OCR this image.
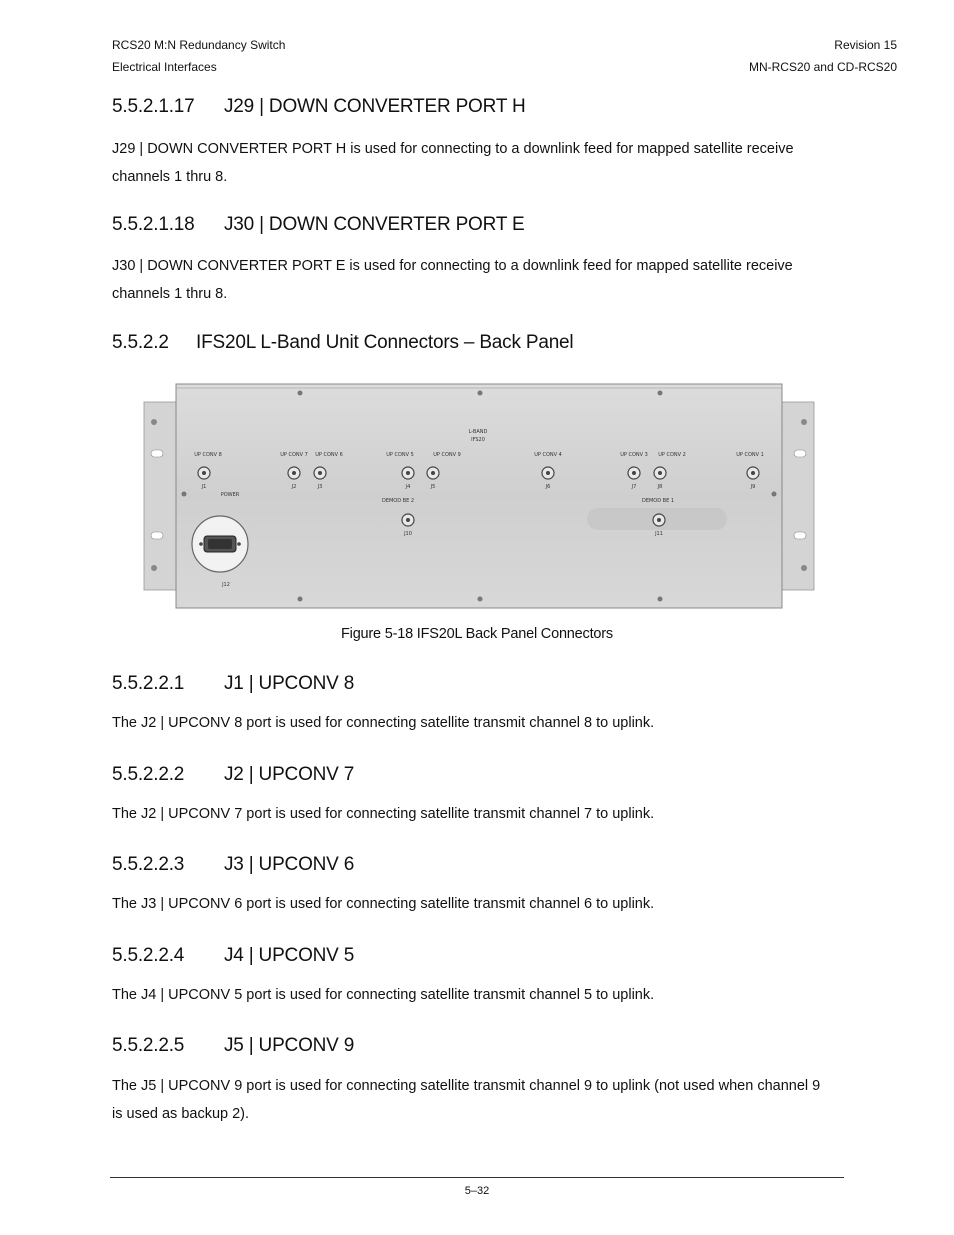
RCS20 M:N Redundancy Switch
Electrical Interfaces
Revision 15
MN-RCS20 and CD-RCS20
5.5.2.1.17 J29 | DOWN CONVERTER PORT H

J29 | DOWN CONVERTER PORT H is used for connecting to a downlink feed for mapped satellite receive channels 1 thru 8.

5.5.2.1.18 J30 | DOWN CONVERTER PORT E

J30 | DOWN CONVERTER PORT E is used for connecting to a downlink feed for mapped satellite receive channels 1 thru 8.

5.5.2.2 IFS20L L-Band Unit Connectors – Back Panel
L-BAND
IFS20
UP CONV 8	UP CONV 7 UP CONV 6	UP CONV 5	UP CONV 9	UP CONV 4	UP CONV 3 UP CONV 2	UP CONV 1
J1	J2	J3	J4	J5	J6	J7	J8	J9
DEMOD BE 2	DEMOD BE 1
J10	J11
POWER
J12
Figure 5-18 IFS20L Back Panel Connectors
5.5.2.2.1 J1 | UPCONV 8

The J2 | UPCONV 8 port is used for connecting satellite transmit channel 8 to uplink.

5.5.2.2.2 J2 | UPCONV 7

The J2 | UPCONV 7 port is used for connecting satellite transmit channel 7 to uplink.

5.5.2.2.3 J3 | UPCONV 6

The J3 | UPCONV 6 port is used for connecting satellite transmit channel 6 to uplink.

5.5.2.2.4 J4 | UPCONV 5

The J4 | UPCONV 5 port is used for connecting satellite transmit channel 5 to uplink.

5.5.2.2.5 J5 | UPCONV 9

The J5 | UPCONV 9 port is used for connecting satellite transmit channel 9 to uplink (not used when channel 9 is used as backup 2).

5–32
